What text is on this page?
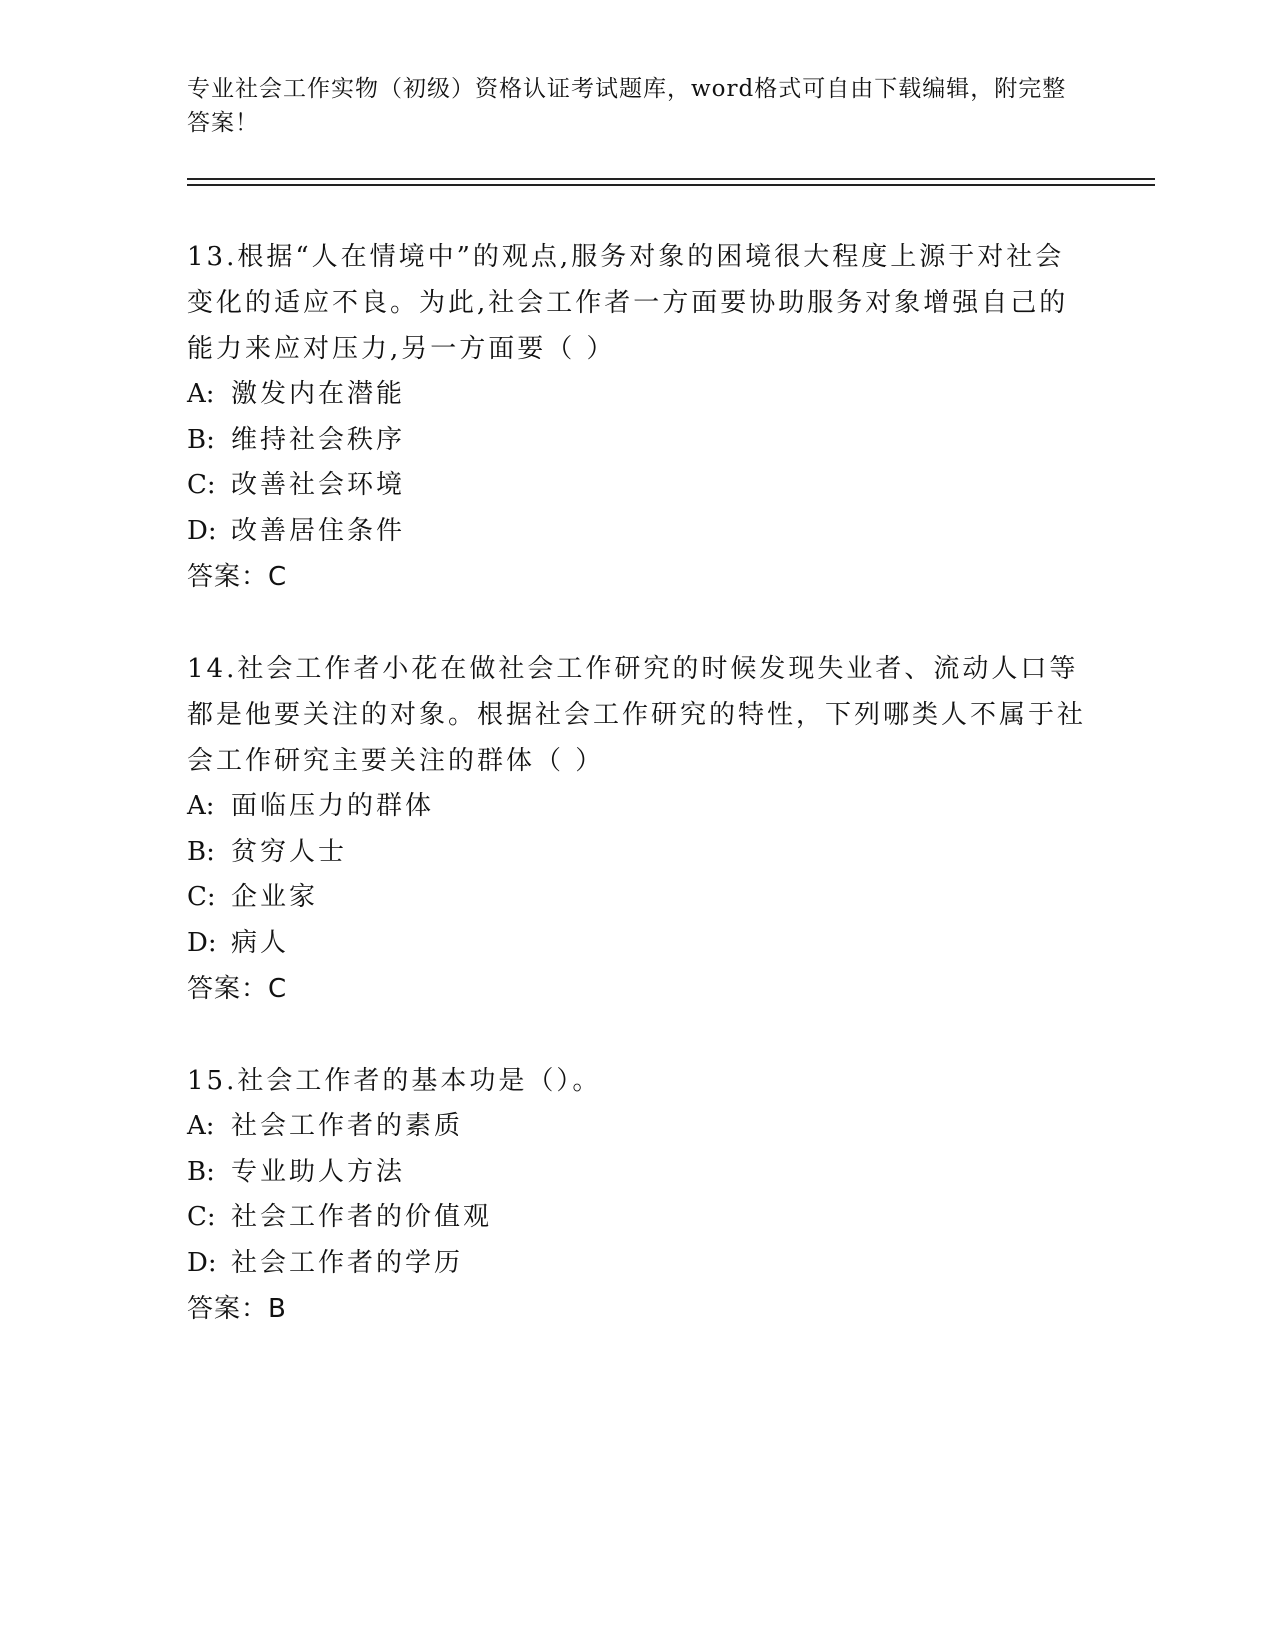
专业社会工作实物（初级）资格认证考试题库，word格式可自由下载编辑，附完整答案！
13.根据“人在情境中”的观点,服务对象的困境很大程度上源于对社会变化的适应不良。为此,社会工作者一方面要协助服务对象增强自己的能力来应对压力,另一方面要（ ）
A: 激发内在潜能
B: 维持社会秩序
C: 改善社会环境
D: 改善居住条件
答案：C
14.社会工作者小花在做社会工作研究的时候发现失业者、流动人口等都是他要关注的对象。根据社会工作研究的特性，下列哪类人不属于社会工作研究主要关注的群体（ ）
A: 面临压力的群体
B: 贫穷人士
C: 企业家
D: 病人
答案：C
15.社会工作者的基本功是（）。
A: 社会工作者的素质
B: 专业助人方法
C: 社会工作者的价值观
D: 社会工作者的学历
答案：B
